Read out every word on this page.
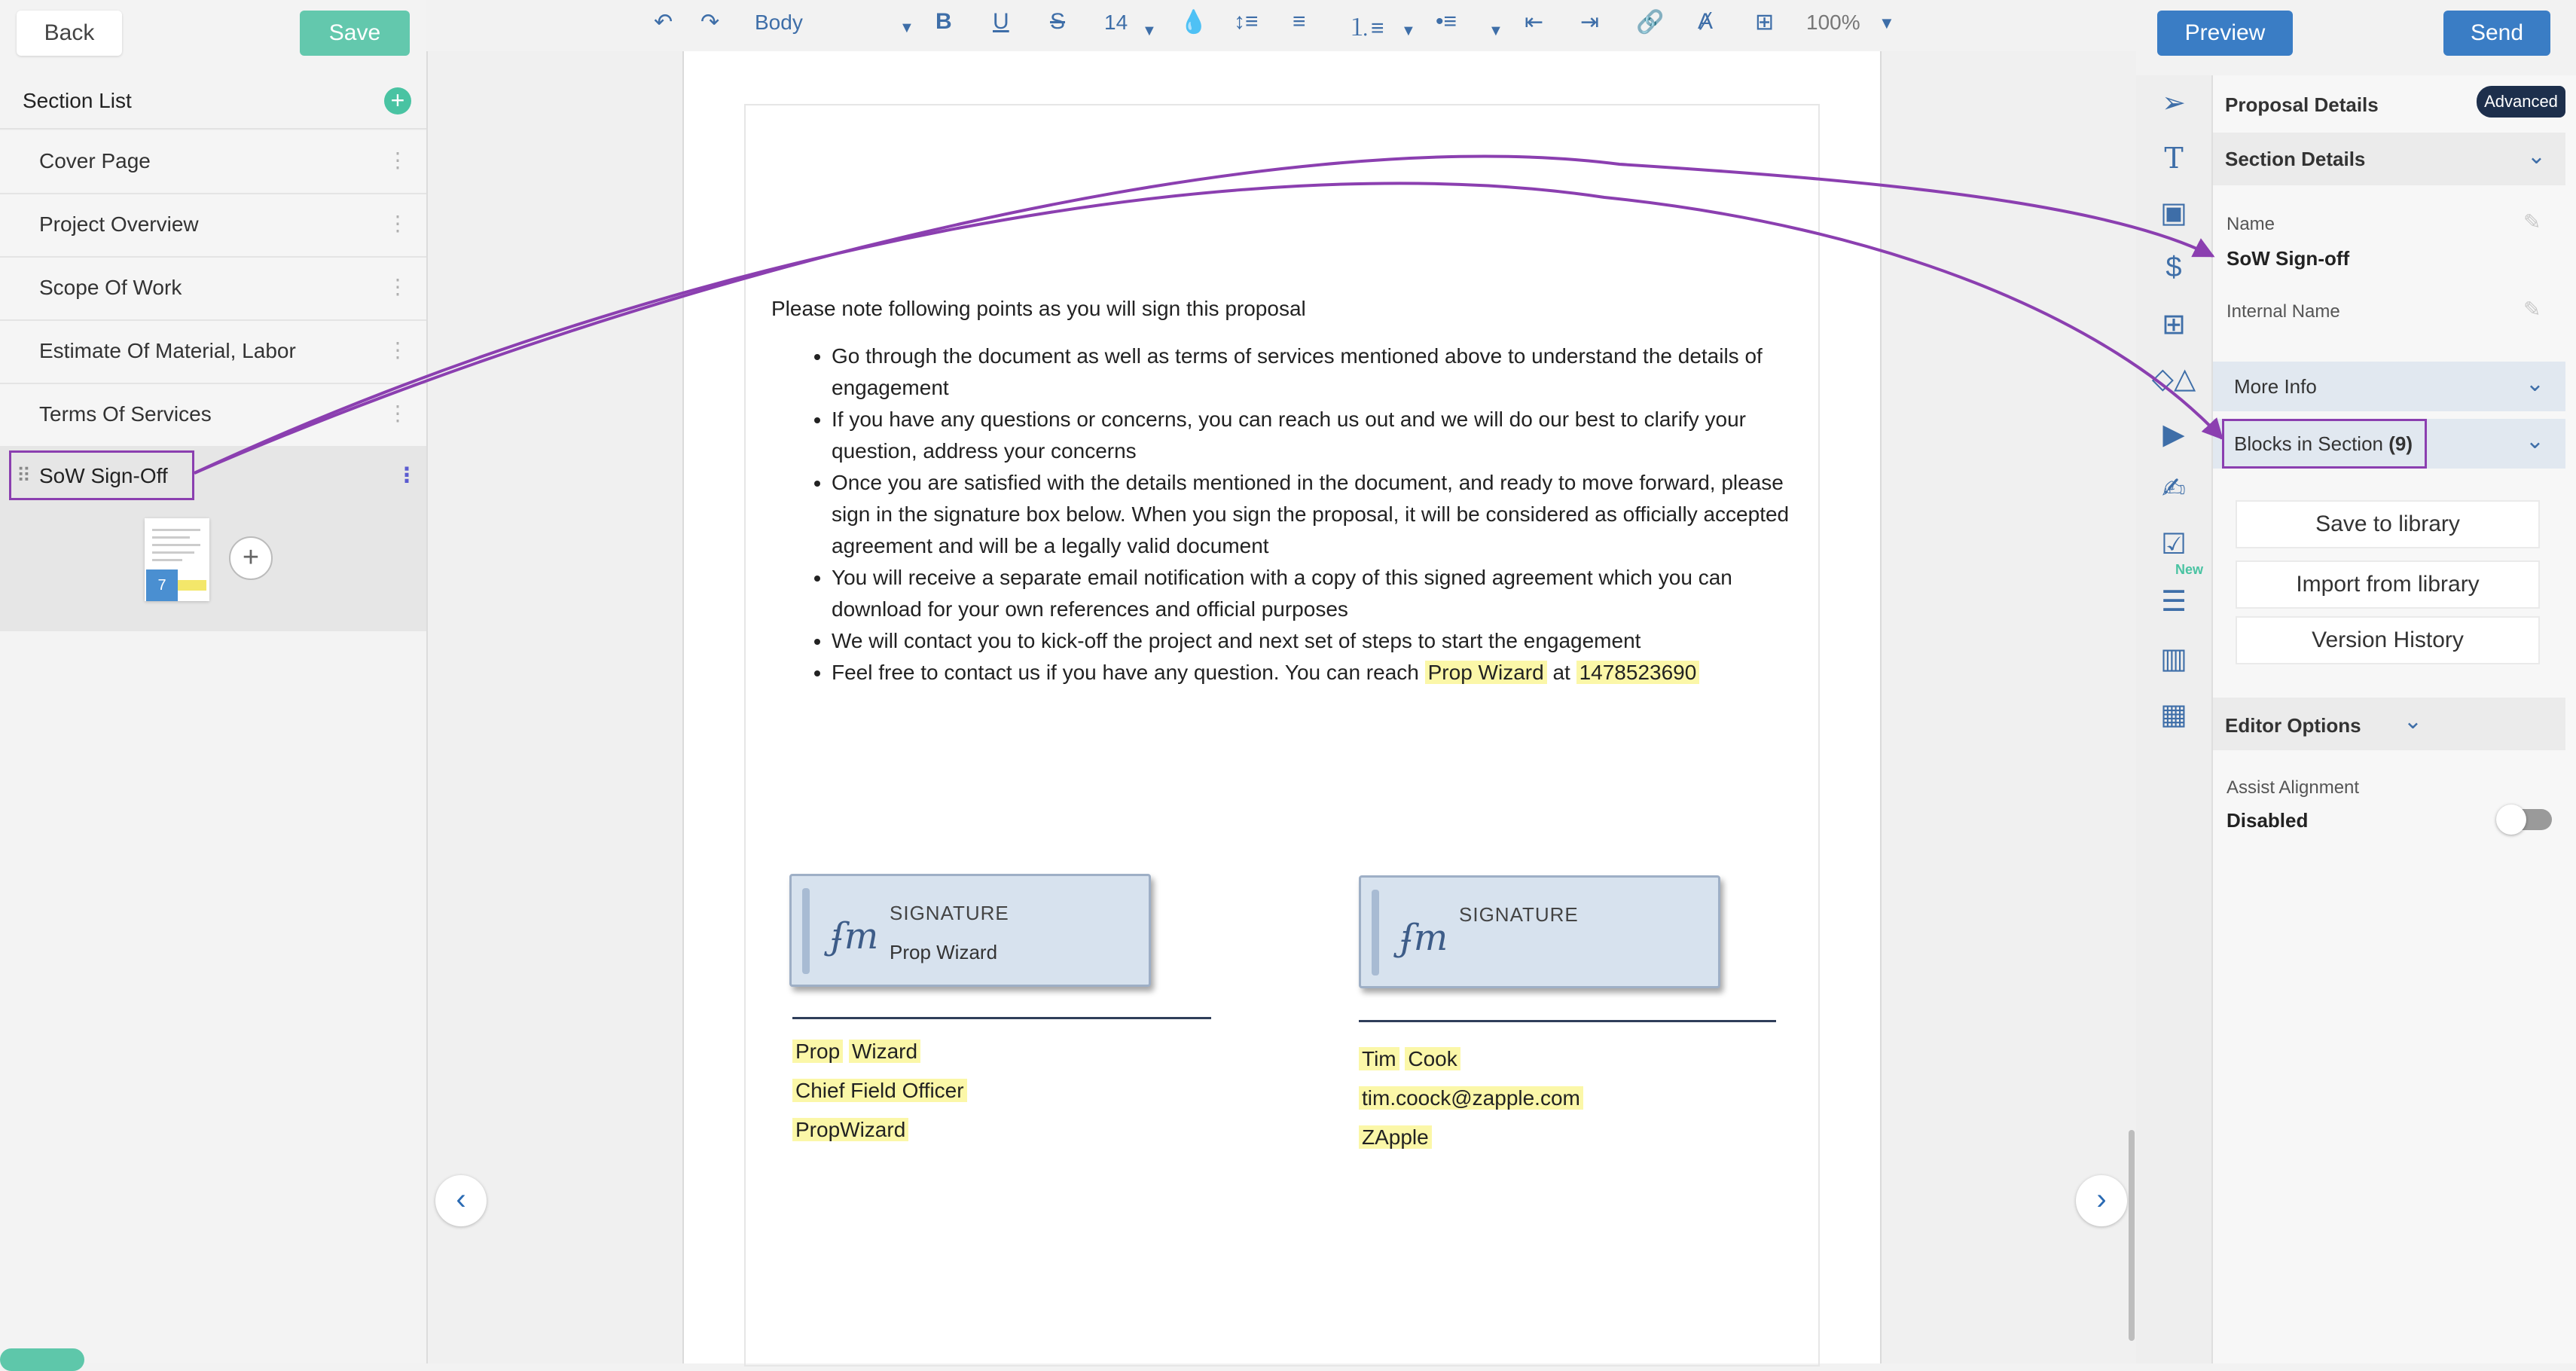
Back	Save
Section List	+
Cover Page	⋮
Project Overview	⋮
Scope Of Work	⋮
Estimate Of Material, Labor	⋮
Terms Of Services	⋮
⠿ SoW Sign-Off	⋮
7
+
↶ ↷ Body	▼ B U S 14 ▼ 💧 ↕≡ ≡ ⒈≡ ▼ •≡ ▼ ⇤ ⇥ 🔗 Ⱥ ⊞ 100% ▼
Please note following points as you will sign this proposal
• Go through the document as well as terms of services mentioned above to understand the details of engagement
• If you have any questions or concerns, you can reach us out and we will do our best to clarify your question, address your concerns
• Once you are satisfied with the details mentioned in the document, and ready to move forward, please sign in the signature box below. When you sign the proposal, it will be considered as officially accepted agreement and will be a legally valid document
• You will receive a separate email notification with a copy of this signed agreement which you can download for your own references and official purposes
• We will contact you to kick-off the project and next set of steps to start the engagement
• Feel free to contact us if you have any question. You can reach Prop Wizard at 1478523690
ʄm
SIGNATURE
Prop Wizard	ʄm
SIGNATURE
Prop Wizard
Chief Field Officer
PropWizard
Tim Cook
tim.coock@zapple.com
ZApple
‹	›
Preview	Send
➢
T
▣
$
⊞
◇△
▶
✍
☑
☰
▥
▦
New
Proposal Details	Advanced
Section Details	⌄
Name	✎
SoW Sign-off
Internal Name	✎
More Info	⌄
Blocks in Section (9)	⌄
Save to library
Import from library
Version History
Editor Options ⌄
Assist Alignment
Disabled
